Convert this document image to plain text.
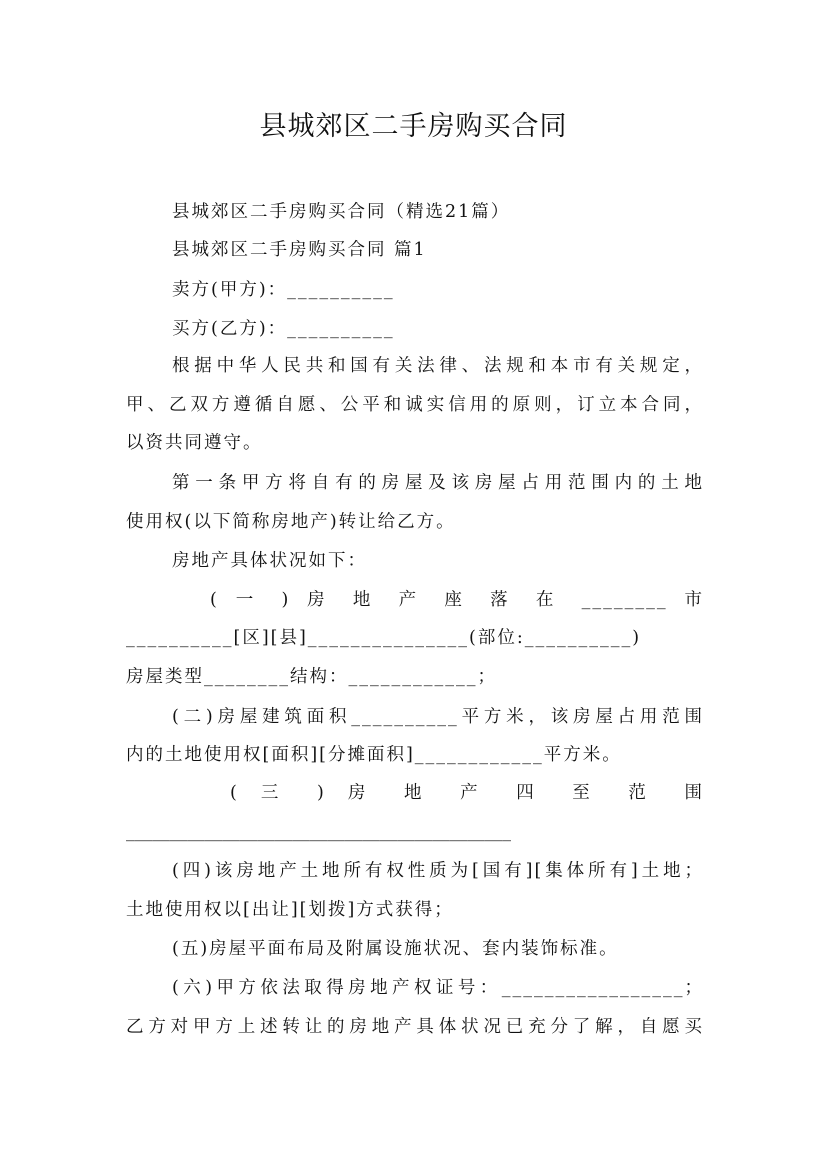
县城郊区二手房购买合同
县城郊区二手房购买合同（精选21篇）
县城郊区二手房购买合同 篇1
卖方(甲方)：__________
买方(乙方)：__________
根据中华人民共和国有关法律、法规和本市有关规定，
甲、乙双方遵循自愿、公平和诚实信用的原则，订立本合同，
以资共同遵守。
第一条甲方将自有的房屋及该房屋占用范围内的土地
使用权(以下简称房地产)转让给乙方。
房地产具体状况如下：
( 一 ) 房 地 产 座 落 在 ________ 市
__________[区][县]_______________(部位:__________)
房屋类型________结构：____________；
(二)房屋建筑面积__________平方米，该房屋占用范围
内的土地使用权[面积][分摊面积]____________平方米。
( 三 ) 房 地 产 四 至 范 围
____________________________________________
(四)该房地产土地所有权性质为[国有][集体所有]土地；
土地使用权以[出让][划拨]方式获得；
(五)房屋平面布局及附属设施状况、套内装饰标准。
(六)甲方依法取得房地产权证号：_________________；
乙方对甲方上述转让的房地产具体状况已充分了解，自愿买
